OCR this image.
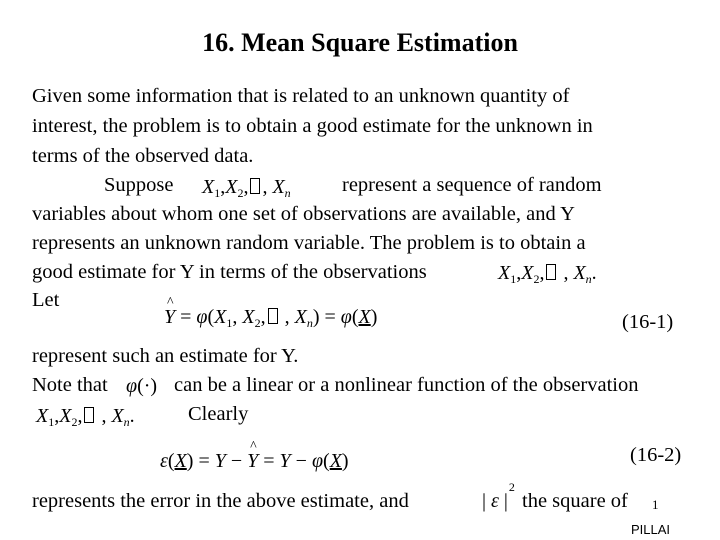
16. Mean Square Estimation
Given some information that is related to an unknown quantity of
interest, the problem is to obtain a good estimate for the unknown in
terms of the observed data.
Suppose $X_1,X_2$, , $X_n$	represent a sequence of random
variables about whom one set of observations are available, and Y
represents an unknown random variable. The problem is to obtain a
good estimate for Y in terms of the observations	$X_1,X_2$, , $X_n$.
Let
^ $Y = \varphi(X_1$, $X_2$, , $X_n) = \varphi(X)$	(16-1)
represent such an estimate for Y.
Note that φ(·) can be a linear or a nonlinear function of the observation
$X_1,X_2$, , $X_n$.	Clearly
(16-2)
ε(X) = Y − ^ Y = Y − φ(X)
represents the error in the above estimate, and	| ε |
2
the square of 1
PILLAI
